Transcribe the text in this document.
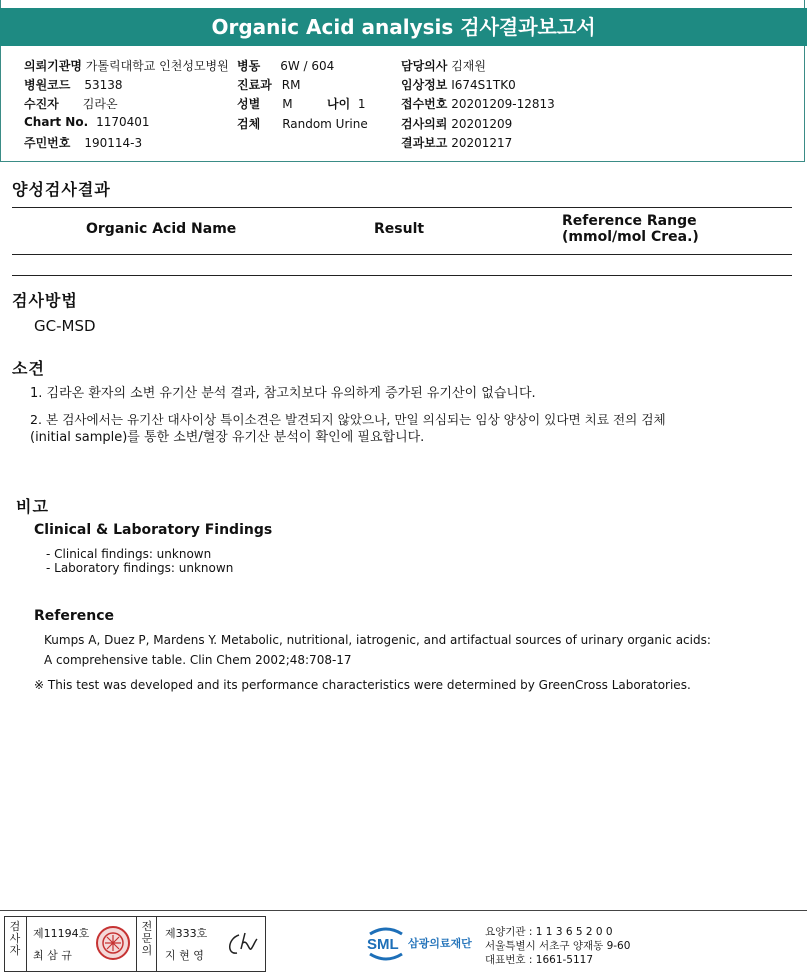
Organic Acid analysis 검사결과보고서
의뢰기관명 가톨릭대학교 인천성모병원
병원코드 53138
수진자 김라온
Chart No. 1170401
주민번호 190114-3
병동 6W / 604
진료과 RM
성별 M	나이 1
검체 Random Urine
담당의사 김재원
임상정보 I674S1TK0
접수번호 20201209-12813
검사의뢰 20201209
결과보고 20201217
양성검사결과
Organic Acid Name	Result	Reference Range
(mmol/mol Crea.)
검사방법
GC-MSD
소견
1. 김라온 환자의 소변 유기산 분석 결과, 참고치보다 유의하게 증가된 유기산이 없습니다.
2. 본 검사에서는 유기산 대사이상 특이소견은 발견되지 않았으나, 만일 의심되는 임상 양상이 있다면 치료 전의 검체
(initial sample)를 통한 소변/혈장 유기산 분석이 확인에 필요합니다.
비고
Clinical & Laboratory Findings
- Clinical findings: unknown
- Laboratory findings: unknown
Reference
Kumps A, Duez P, Mardens Y. Metabolic, nutritional, iatrogenic, and artifactual sources of urinary organic acids:
A comprehensive table. Clin Chem 2002;48:708-17
※ This test was developed and its performance characteristics were determined by GreenCross Laboratories.
검사자
제11194호
최 삼 규
전문의
제333호
지 현 영
SML 삼광의료재단
요양기관 : 1 1 3 6 5 2 0 0
서울특별시 서초구 양재동 9-60
대표번호 : 1661-5117
